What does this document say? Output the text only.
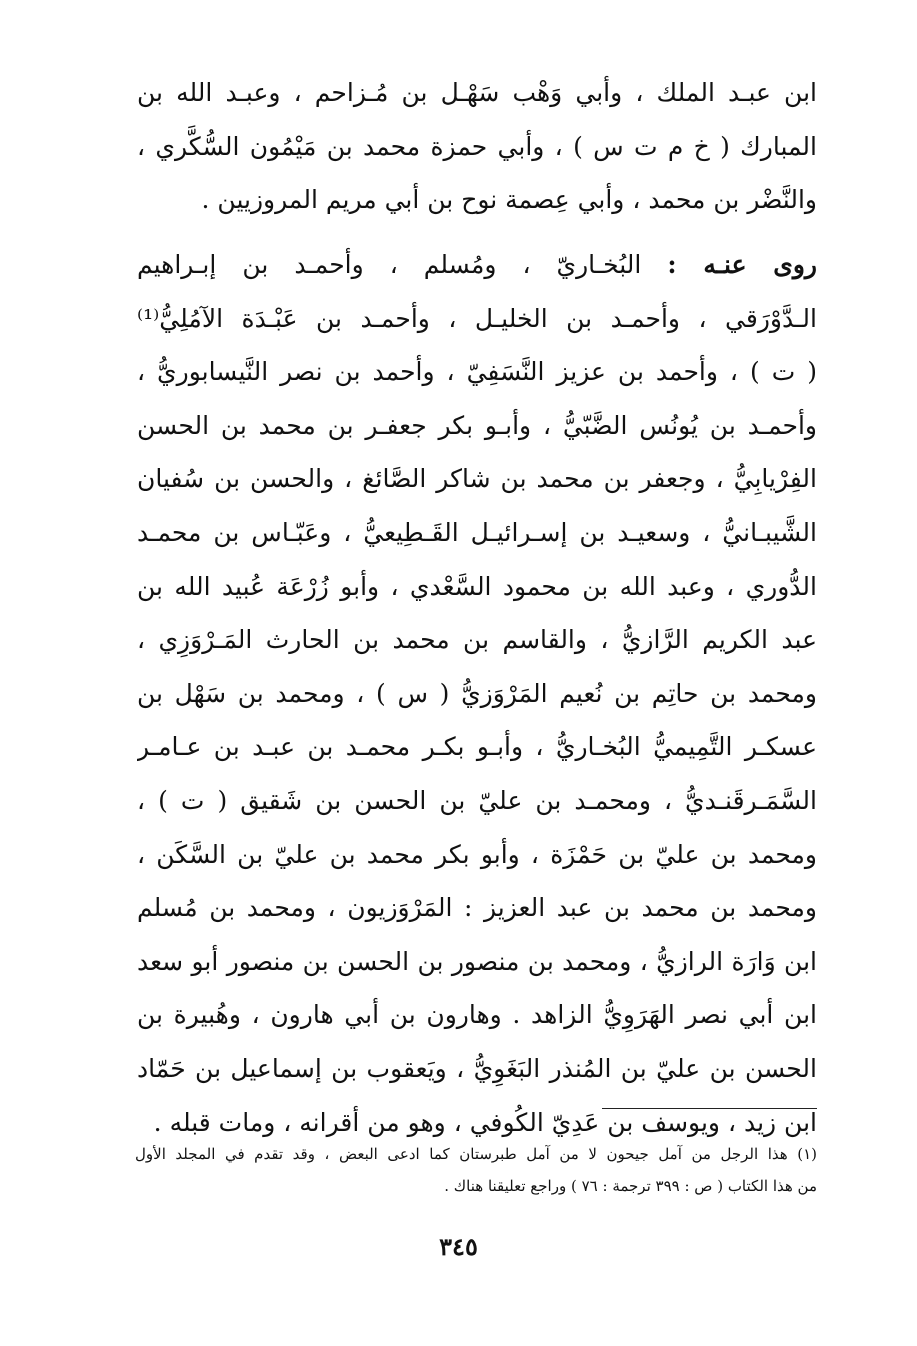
ابن عبـد الملك ، وأبي وَهْب سَهْـل بن مُـزاحم ، وعبـد الله بن
المبارك ( خ م ت س ) ، وأبي حمزة محمد بن مَيْمُون السُّكَّري ،
والنَّضْر بن محمد ، وأبي عِصمة نوح بن أبي مريم المروزيين .
روى عنـه : البُخـاريّ ، ومُسلم ، وأحمـد بن إبـراهيم
الـدَّوْرَقي ، وأحمـد بن الخليـل ، وأحمـد بن عَبْـدَة الآمُلِيُّ⁽¹⁾
( ت ) ، وأحمد بن عزيز النَّسَفِيّ ، وأحمد بن نصر النَّيسابوريُّ ،
وأحمـد بن يُونُس الضَّبّيُّ ، وأبـو بكر جعفـر بن محمد بن الحسن
الفِرْيابِيُّ ، وجعفر بن محمد بن شاكر الصَّائغ ، والحسن بن سُفيان
الشَّيبـانيُّ ، وسعيـد بن إسـرائيـل القَـطِيعيُّ ، وعَبّـاس بن محمـد
الدُّوري ، وعبد الله بن محمود السَّعْدي ، وأبو زُرْعَة عُبيد الله بن
عبد الكريم الرَّازيُّ ، والقاسم بن محمد بن الحارث المَـرْوَزِي ،
ومحمد بن حاتِم بن نُعيم المَرْوَزيُّ ( س ) ، ومحمد بن سَهْل بن
عسكـر التَّمِيميُّ البُخـاريُّ ، وأبـو بكـر محمـد بن عبـد بن عـامـر
السَّمَـرقَنـديُّ ، ومحمـد بن عليّ بن الحسن بن شَقيق ( ت ) ،
ومحمد بن عليّ بن حَمْزَة ، وأبو بكر محمد بن عليّ بن السَّكَن ،
ومحمد بن محمد بن عبد العزيز : المَرْوَزيون ، ومحمد بن مُسلم
ابن وَارَة الرازيُّ ، ومحمد بن منصور بن الحسن بن منصور أبو سعد
ابن أبي نصر الهَرَوِيُّ الزاهد . وهارون بن أبي هارون ، وهُبيرة بن
الحسن بن عليّ بن المُنذر البَغَوِيُّ ، ويَعقوب بن إسماعيل بن حَمّاد
ابن زيد ، ويوسف بن عَدِيّ الكُوفي ، وهو من أقرانه ، ومات قبله .
(١) هذا الرجل من آمل جيحون لا من آمل طبرستان كما ادعى البعض ، وقد تقدم في المجلد الأول
من هذا الكتاب ( ص : ٣٩٩ ترجمة : ٧٦ ) وراجع تعليقنا هناك .
٣٤٥
